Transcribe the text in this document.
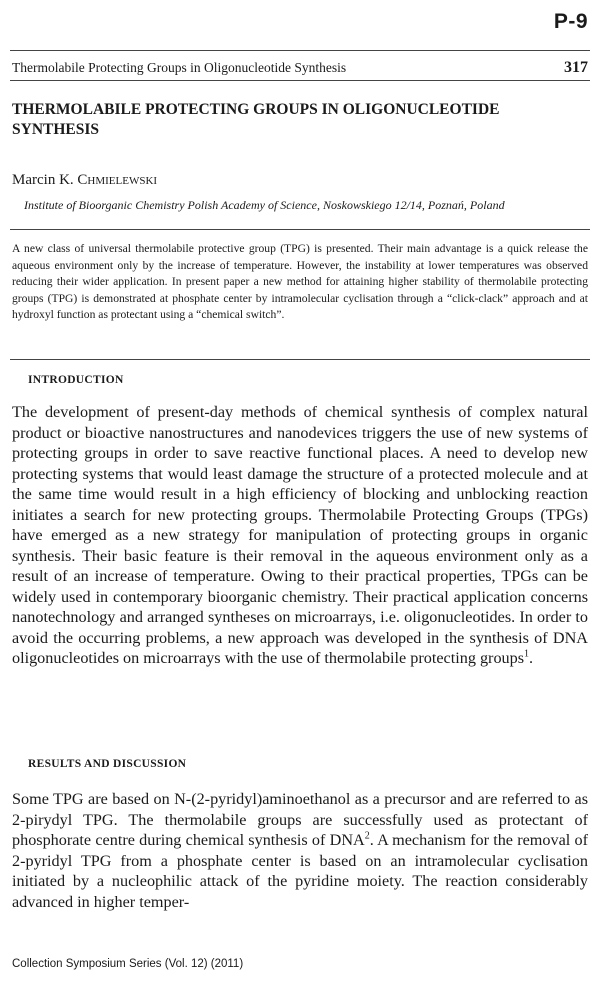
P-9
Thermolabile Protecting Groups in Oligonucleotide Synthesis	317
THERMOLABILE PROTECTING GROUPS IN OLIGONUCLEOTIDE SYNTHESIS
Marcin K. Chmielewski
Institute of Bioorganic Chemistry Polish Academy of Science, Noskowskiego 12/14, Poznań, Poland

A new class of universal thermolabile protective group (TPG) is presented. Their main advantage is a quick release the aqueous environment only by the increase of temperature. However, the instability at lower temperatures was observed reducing their wider application. In present paper a new method for attaining higher stability of thermolabile protecting groups (TPG) is demonstrated at phosphate center by intramolecular cyclisation through a “click-clack” approach and at hydroxyl function as protectant using a “chemical switch”.

INTRODUCTION

The development of present-day methods of chemical synthesis of complex natural product or bioactive nanostructures and nanodevices triggers the use of new systems of protecting groups in order to save reactive functional places. A need to develop new protecting systems that would least damage the structure of a protected molecule and at the same time would result in a high efficiency of blocking and unblocking reaction initiates a search for new protecting groups. Thermolabile Protecting Groups (TPGs) have emerged as a new strategy for manipulation of protecting groups in organic synthesis. Their basic feature is their removal in the aqueous environment only as a result of an increase of temperature. Owing to their practical properties, TPGs can be widely used in contemporary bioorganic chemistry. Their practical application concerns nanotechnology and arranged syntheses on microarrays, i.e. oligonucleotides. In order to avoid the occurring problems, a new approach was developed in the synthesis of DNA oligonucleotides on microarrays with the use of thermolabile protecting groups$^1$.

RESULTS AND DISCUSSION

Some TPG are based on N-(2-pyridyl)aminoethanol as a precursor and are referred to as 2-pirydyl TPG. The thermolabile groups are successfully used as protectant of phosphorate centre during chemical synthesis of DNA$^2$. A mechanism for the removal of 2-pyridyl TPG from a phosphate center is based on an intramolecular cyclisation initiated by a nucleophilic attack of the pyridine moiety. The reaction considerably advanced in higher temper-

Collection Symposium Series (Vol. 12) (2011)
